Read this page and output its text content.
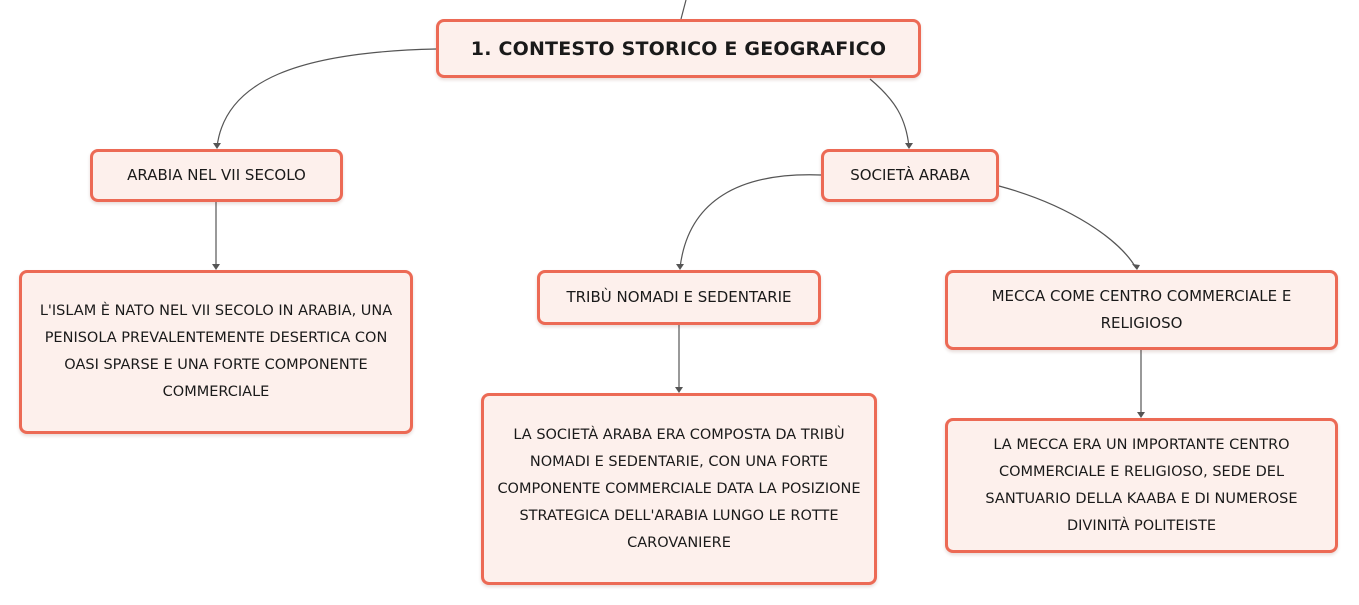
1. CONTESTO STORICO E GEOGRAFICO
ARABIA NEL VII SECOLO	SOCIETÀ ARABA
TRIBÙ NOMADI E SEDENTARIE	MECCA COME CENTRO COMMERCIALE E RELIGIOSO
L'ISLAM È NATO NEL VII SECOLO IN ARABIA, UNA PENISOLA PREVALENTEMENTE DESERTICA CON OASI SPARSE E UNA FORTE COMPONENTE COMMERCIALE
LA SOCIETÀ ARABA ERA COMPOSTA DA TRIBÙ NOMADI E SEDENTARIE, CON UNA FORTE COMPONENTE COMMERCIALE DATA LA POSIZIONE STRATEGICA DELL'ARABIA LUNGO LE ROTTE CAROVANIERE
LA MECCA ERA UN IMPORTANTE CENTRO COMMERCIALE E RELIGIOSO, SEDE DEL SANTUARIO DELLA KAABA E DI NUMEROSE DIVINITÀ POLITEISTE
